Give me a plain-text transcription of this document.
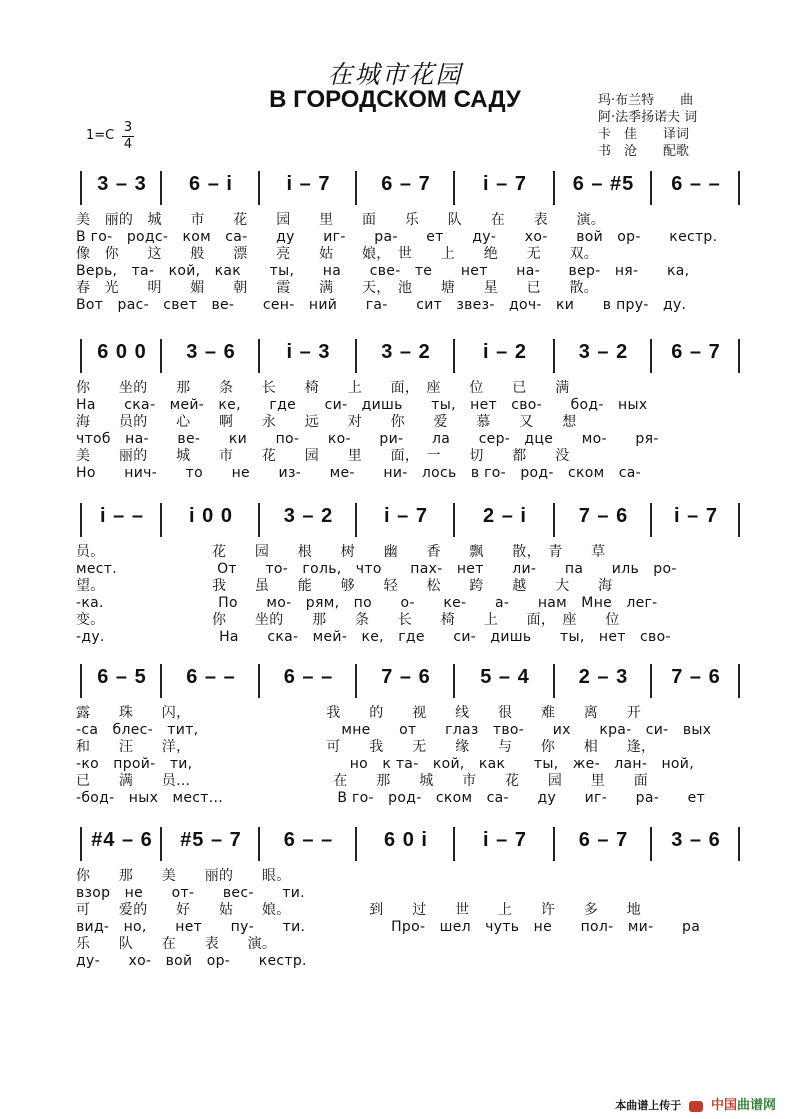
在城市花园
В ГОРОДСКОМ САДУ	玛·布兰特　　曲
阿·法季扬诺夫 词
卡　佳　　译词
书　沧　　配歌
1=C
3
4
3 – 3	6 – i	i – 7	6 – 7	i – 7	6 – #5	6 – –
美　丽的　城　　市　　花　　园　　里　　面　　乐　　队　　在　　表　　演。
В го-　родс-　ком　са-　　ду　　иг-　　ра-　　ет　　ду-　　хо-　　вой　ор-　　кестр.
像　你　　这　　般　　漂　　亮　　姑　　娘，　世　　上　　绝　　无　　双。
Верь,　та-　кой,　как　　ты,　　на　　све-　те　　нет　　на-　　вер-　ня-　　ка,
春　光　　明　　媚　　朝　　霞　　满　　天，　池　　塘　　星　　已　　散。
Вот　рас-　свет　ве-　　сен-　ний　　га-　　сит　звез-　доч-　ки　　в пру-　ду.
6 0 0	3 – 6	i – 3	3 – 2	i – 2	3 – 2	6 – 7
你　　坐的　　那　　条　　长　　椅　　上　　面，　座　　位　　已　　满
На　　ска-　мей-　ке,　　где　　си-　дишь　　ты,　нет　сво-　　бод-　ных
海　　员的　　心　　啊　　永　　远　　对　　你　　爱　　慕　　又　　想
чтоб　на-　　ве-　　ки　　по-　　ко-　　ри-　　ла　　сер-　дце　　мо-　　ря-
美　　丽的　　城　　市　　花　　园　　里　　面，　一　　切　　都　　没
Но　　нич-　　то　　не　　из-　　ме-　　ни-　лось　в го-　род-　ском　са-
i – –	i 0 0	3 – 2	i – 7	2 – i	7 – 6	i – 7
员。　　　　　　　　花　　园　　根　　树　　幽　　香　　飘　　散，　青　　草
мест.　　　　　　　От　　то-　голь,　что　　пах-　нет　　ли-　　па　　иль　ро-
望。　　　　　　　　我　　虽　　能　　够　　轻　　松　　跨　　越　　大　　海
-ка.　　　　　　　　По　　мо-　рям,　по　　о-　　ке-　　а-　　нам　Мне　лег-
变。　　　　　　　　你　　坐的　　那　　条　　长　　椅　　上　　面，　座　　位
-ду.　　　　　　　　На　　ска-　мей-　ке,　где　　си-　дишь　　ты,　нет　сво-
6 – 5	6 – –	6 – –	7 – 6	5 – 4	2 – 3	7 – 6
露　　珠　　闪，　　　　　　　　　　我　　的　　视　　线　　很　　难　　离　　开
-са　блес-　тит,　　　　　　　　　　мне　　от　　глаз　тво-　　их　　кра-　си-　вых
和　　汪　　洋，　　　　　　　　　　可　　我　　无　　缘　　与　　你　　相　　逢，
-ко　прой-　ти,　　　　　　　　　　　но　к та-　кой,　как　　ты,　же-　лан-　ной,
已　　满　　员…　　　　　　　　　　在　　那　　城　　市　　花　　园　　里　　面
-бод-　ных　мест...　　　　　　　　В го-　род-　ском　са-　　ду　　иг-　　ра-　　ет
#4 – 6	#5 – 7	6 – –	6 0 i	i – 7	6 – 7	3 – 6
你　　那　　美　　丽的　　眼。
взор　не　　от-　　вес-　　ти.
可　　爱的　　好　　姑　　娘。　　　　　　到　　过　　世　　上　　许　　多　　地
вид-　но,　　нет　　пу-　　ти.　　　　　　Про-　шел　чуть　не　　пол-　ми-　　ра
乐　　队　　在　　表　　演。
ду-　　хо-　вой　ор-　　кестр.
本曲谱上传于 中国曲谱网
